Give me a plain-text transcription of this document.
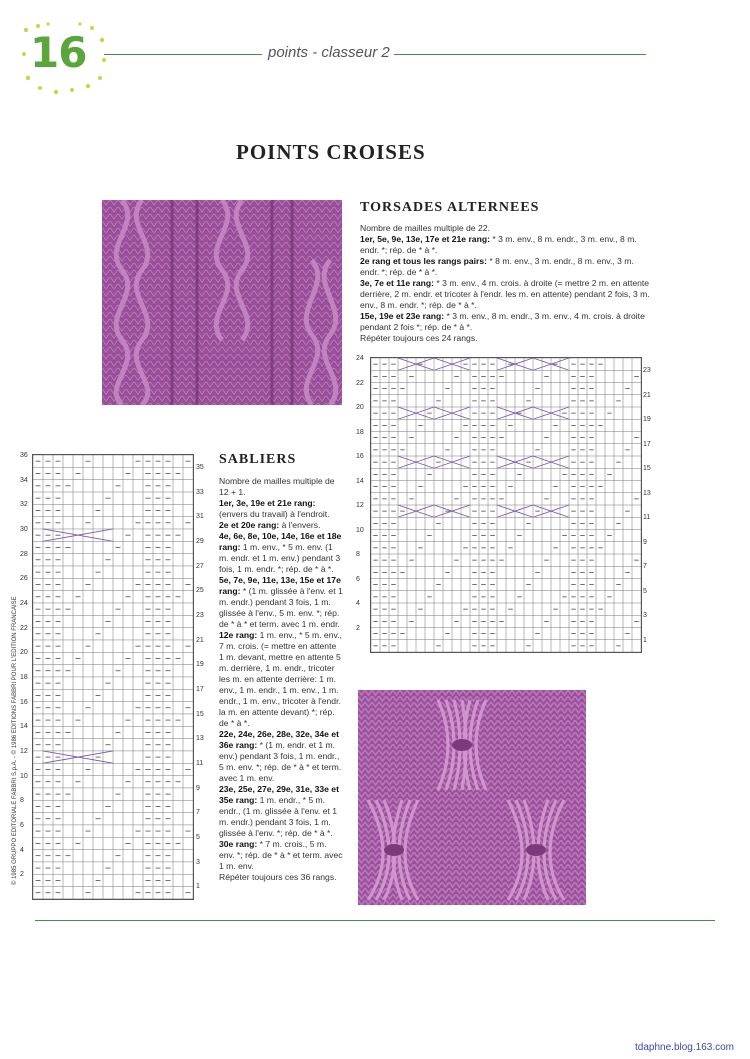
16	points - classeur 2
POINTS CROISES
TORSADES ALTERNEES
Nombre de mailles multiple de 22.
1er, 5e, 9e, 13e, 17e et 21e rang: * 3 m. env., 8 m. endr., 3 m. env., 8 m. endr. *; rép. de * à *.
2e rang et tous les rangs pairs: * 8 m. env., 3 m. endr., 8 m. env., 3 m. endr. *; rép. de * à *.
3e, 7e et 11e rang: * 3 m. env., 4 m. crois. à droite (= mettre 2 m. en attente derrière, 2 m. endr. et tricoter à l'endr. les m. en attente) pendant 2 fois, 3 m. env., 8 m. endr. *; rép. de * à *.
15e, 19e et 23e rang: * 3 m. env., 8 m. endr., 3 m. env., 4 m. crois. à droite pendant 2 fois *; rép. de * à *.
Répéter toujours ces 24 rangs.
24
22
20
18
16
14
12
10
8
6
4
2
23
21
19
17
15
13
11
9
7
5
3
1
36
34
32
30
28
26
24
22
20
18
16
14
12
10
8
6
4
2
35
33
31
29
27
25
23
21
19
17
15
13
11
9
7
5
3
1
© 1985 GRUPPO EDITORIALE FABBRI S.p.A. - © 1986 EDITIONS FABBRI POUR L'EDITION FRANCAISE
SABLIERS
Nombre de mailles multiple de 12 + 1.
1er, 3e, 19e et 21e rang: (envers du travail) à l'endroit.
2e et 20e rang: à l'envers.
4e, 6e, 8e, 10e, 14e, 16e et 18e rang: 1 m. env., * 5 m. env. (1 m. endr. et 1 m. env.) pendant 3 fois, 1 m. endr. *; rép. de * à *.
5e, 7e, 9e, 11e, 13e, 15e et 17e rang: * (1 m. glissée à l'env. et 1 m. endr.) pendant 3 fois, 1 m. glissée à l'env., 5 m. env. *; rép. de * à * et term. avec 1 m. endr.
12e rang: 1 m. env., * 5 m. env., 7 m. crois. (= mettre en attente 1 m. devant, mettre en attente 5 m. derrière, 1 m. endr., tricoter les m. en attente derrière: 1 m. env., 1 m. endr., 1 m. env., 1 m. endr., 1 m. env., tricoter à l'endr. la m. en attente devant) *; rép. de * à *.
22e, 24e, 26e, 28e, 32e, 34e et 36e rang: * (1 m. endr. et 1 m. env.) pendant 3 fois, 1 m. endr., 5 m. env. *; rép. de * à * et term. avec 1 m. env.
23e, 25e, 27e, 29e, 31e, 33e et 35e rang: 1 m. endr., * 5 m. endr., (1 m. glissée à l'env. et 1 m. endr.) pendant 3 fois, 1 m. glissée à l'env. *; rép. de * à *.
30e rang: * 7 m. crois., 5 m. env. *; rép. de * à * et term. avec 1 m. env.
Répéter toujours ces 36 rangs.
tdaphne.blog.163.com
